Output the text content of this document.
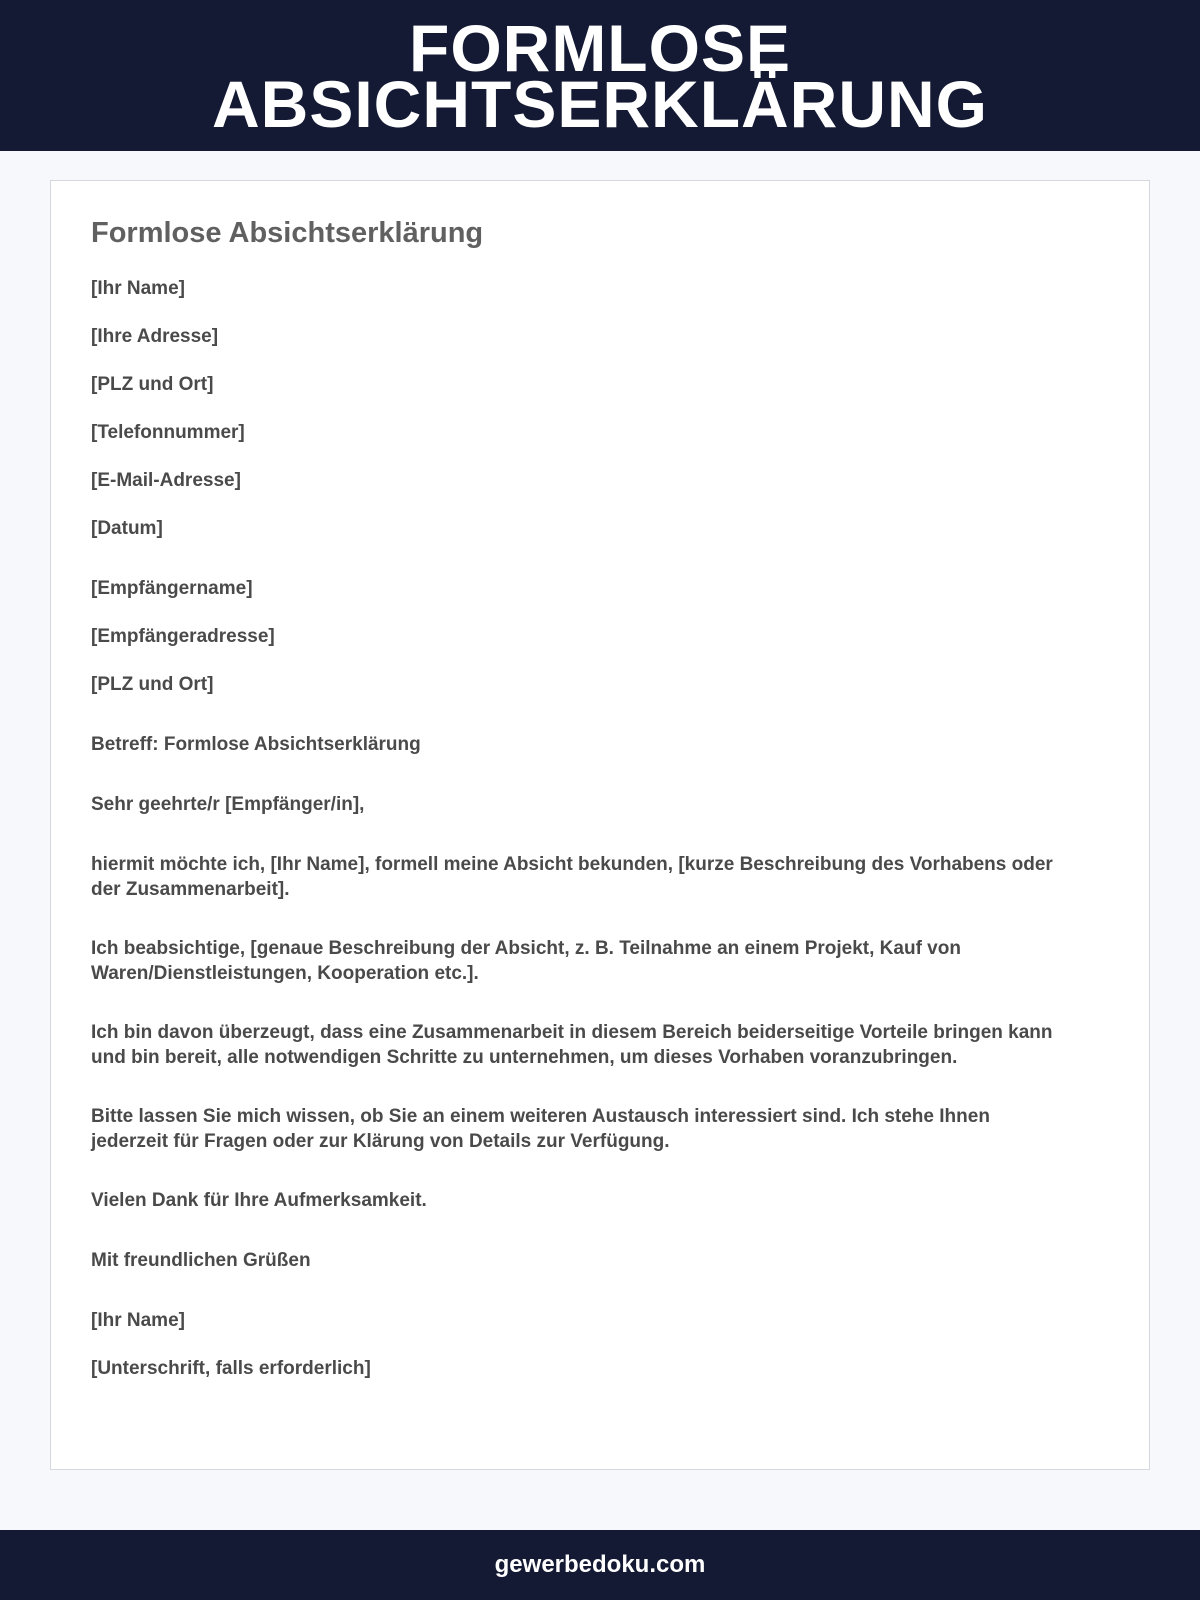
FORMLOSE
ABSICHTSERKLÄRUNG
Formlose Absichtserklärung

[Ihr Name]

[Ihre Adresse]

[PLZ und Ort]

[Telefonnummer]

[E-Mail-Adresse]

[Datum]

[Empfängername]

[Empfängeradresse]

[PLZ und Ort]

Betreff: Formlose Absichtserklärung

Sehr geehrte/r [Empfänger/in],

hiermit möchte ich, [Ihr Name], formell meine Absicht bekunden, [kurze Beschreibung des Vorhabens oder der Zusammenarbeit].

Ich beabsichtige, [genaue Beschreibung der Absicht, z. B. Teilnahme an einem Projekt, Kauf von Waren/Dienstleistungen, Kooperation etc.].

Ich bin davon überzeugt, dass eine Zusammenarbeit in diesem Bereich beiderseitige Vorteile bringen kann und bin bereit, alle notwendigen Schritte zu unternehmen, um dieses Vorhaben voranzubringen.

Bitte lassen Sie mich wissen, ob Sie an einem weiteren Austausch interessiert sind. Ich stehe Ihnen jederzeit für Fragen oder zur Klärung von Details zur Verfügung.

Vielen Dank für Ihre Aufmerksamkeit.

Mit freundlichen Grüßen

[Ihr Name]

[Unterschrift, falls erforderlich]

gewerbedoku.com
